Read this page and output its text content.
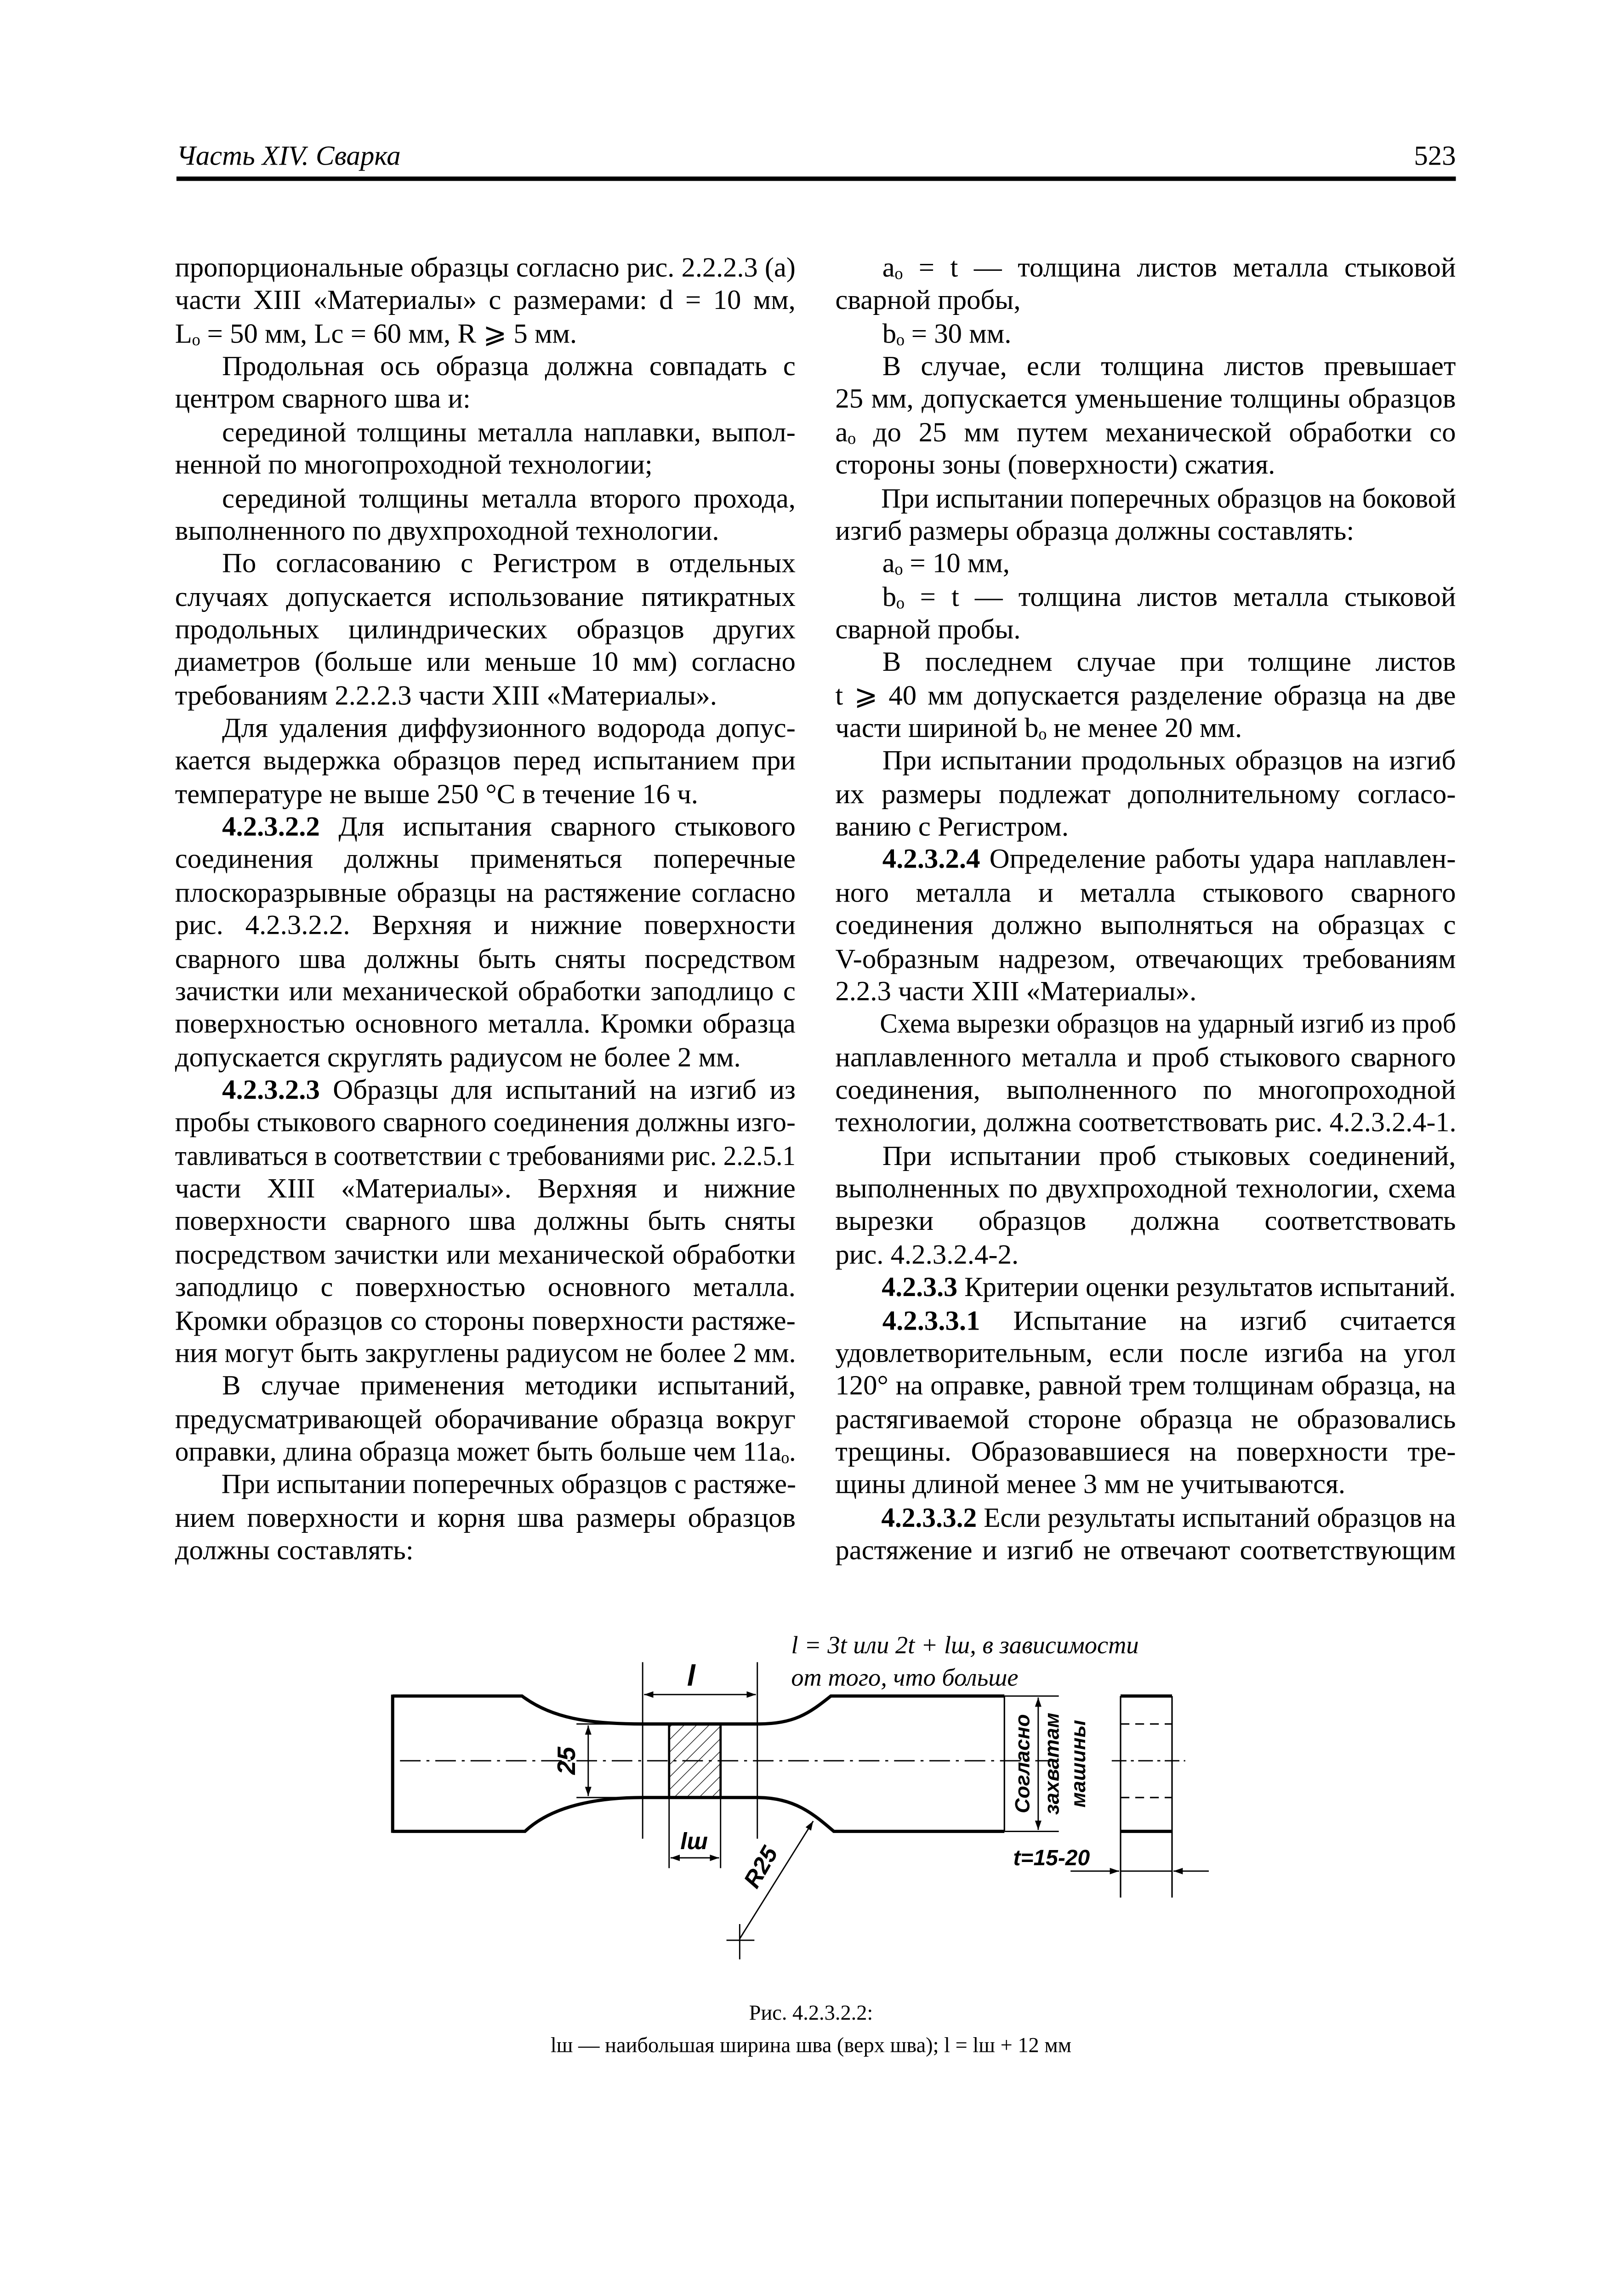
Часть XIV. Сварка	523
пропорциональные образцы согласно рис. 2.2.2.3 (а)
части XIII «Материалы» с размерами: d = 10 мм,
Lₒ = 50 мм, Lc = 60 мм, R ⩾ 5 мм.
Продольная ось образца должна совпадать с
центром сварного шва и:
серединой толщины металла наплавки, выпол-
ненной по многопроходной технологии;
серединой толщины металла второго прохода,
выполненного по двухпроходной технологии.
По согласованию с Регистром в отдельных
случаях допускается использование пятикратных
продольных цилиндрических образцов других
диаметров (больше или меньше 10 мм) согласно
требованиям 2.2.2.3 части XIII «Материалы».
Для удаления диффузионного водорода допус-
кается выдержка образцов перед испытанием при
температуре не выше 250 °С в течение 16 ч.
4.2.3.2.2 Для испытания сварного стыкового
соединения должны применяться поперечные
плоскоразрывные образцы на растяжение согласно
рис. 4.2.3.2.2. Верхняя и нижние поверхности
сварного шва должны быть сняты посредством
зачистки или механической обработки заподлицо с
поверхностью основного металла. Кромки образца
допускается скруглять радиусом не более 2 мм.
4.2.3.2.3 Образцы для испытаний на изгиб из
пробы стыкового сварного соединения должны изго-
тавливаться в соответствии с требованиями рис. 2.2.5.1
части XIII «Материалы». Верхняя и нижние
поверхности сварного шва должны быть сняты
посредством зачистки или механической обработки
заподлицо с поверхностью основного металла.
Кромки образцов со стороны поверхности растяже-
ния могут быть закруглены радиусом не более 2 мм.
В случае применения методики испытаний,
предусматривающей оборачивание образца вокруг
оправки, длина образца может быть больше чем 11aₒ.
При испытании поперечных образцов с растяже-
нием поверхности и корня шва размеры образцов
должны составлять:
aₒ = t — толщина листов металла стыковой
сварной пробы,
bₒ = 30 мм.
В случае, если толщина листов превышает
25 мм, допускается уменьшение толщины образцов
aₒ до 25 мм путем механической обработки со
стороны зоны (поверхности) сжатия.
При испытании поперечных образцов на боковой
изгиб размеры образца должны составлять:
aₒ = 10 мм,
bₒ = t — толщина листов металла стыковой
сварной пробы.
В последнем случае при толщине листов
t ⩾ 40 мм допускается разделение образца на две
части шириной bₒ не менее 20 мм.
При испытании продольных образцов на изгиб
их размеры подлежат дополнительному согласо-
ванию с Регистром.
4.2.3.2.4 Определение работы удара наплавлен-
ного металла и металла стыкового сварного
соединения должно выполняться на образцах с
V-образным надрезом, отвечающих требованиям
2.2.3 части XIII «Материалы».
Схема вырезки образцов на ударный изгиб из проб
наплавленного металла и проб стыкового сварного
соединения, выполненного по многопроходной
технологии, должна соответствовать рис. 4.2.3.2.4-1.
При испытании проб стыковых соединений,
выполненных по двухпроходной технологии, схема
вырезки образцов должна соответствовать
рис. 4.2.3.2.4-2.
4.2.3.3 Критерии оценки результатов испытаний.
4.2.3.3.1 Испытание на изгиб считается
удовлетворительным, если после изгиба на угол
120° на оправке, равной трем толщинам образца, на
растягиваемой стороне образца не образовались
трещины. Образовавшиеся на поверхности тре-
щины длиной менее 3 мм не учитываются.
4.2.3.3.2 Если результаты испытаний образцов на
растяжение и изгиб не отвечают соответствующим
l = 3t или 2t + lш, в зависимости
от того, что больше
l
25
lш
R25
Согласно захватам машины
t=15-20
Рис. 4.2.3.2.2:
lш — наибольшая ширина шва (верх шва); l = lш + 12 мм
